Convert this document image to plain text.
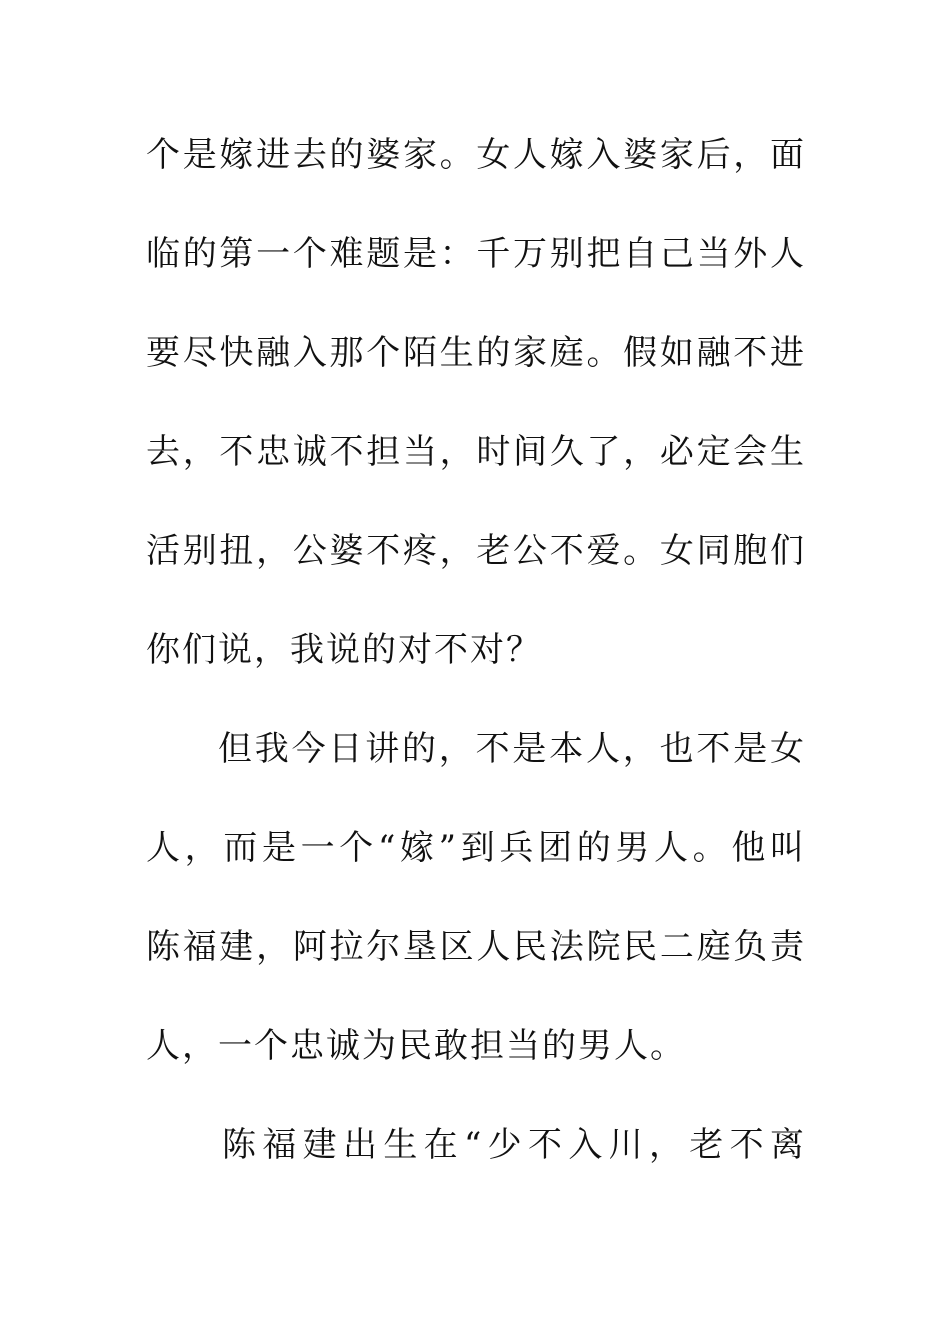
个是嫁进去的婆家。女人嫁入婆家后，面
临的第一个难题是：千万别把自己当外人
要尽快融入那个陌生的家庭。假如融不进
去，不忠诚不担当，时间久了，必定会生
活别扭，公婆不疼，老公不爱。女同胞们
你们说，我说的对不对？
但我今日讲的，不是本人，也不是女
人，而是一个“嫁”到兵团的男人。他叫
陈福建，阿拉尔垦区人民法院民二庭负责
人，一个忠诚为民敢担当的男人。
陈福建出生在“少不入川，老不离
